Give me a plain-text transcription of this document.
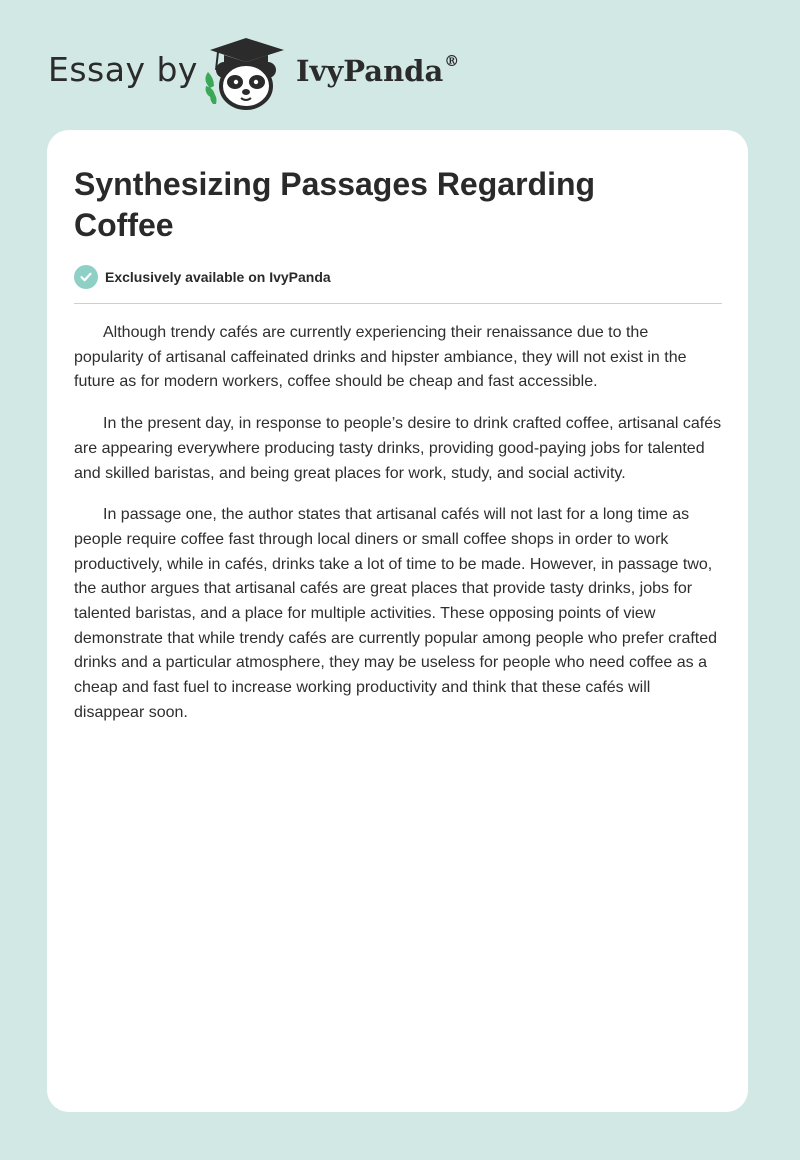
Essay by	IvyPanda®
Synthesizing Passages Regarding Coffee
Exclusively available on IvyPanda

Although trendy cafés are currently experiencing their renaissance due to the popularity of artisanal caffeinated drinks and hipster ambiance, they will not exist in the future as for modern workers, coffee should be cheap and fast accessible.

In the present day, in response to people’s desire to drink crafted coffee, artisanal cafés are appearing everywhere producing tasty drinks, providing good-paying jobs for talented and skilled baristas, and being great places for work, study, and social activity.

In passage one, the author states that artisanal cafés will not last for a long time as people require coffee fast through local diners or small coffee shops in order to work productively, while in cafés, drinks take a lot of time to be made. However, in passage two, the author argues that artisanal cafés are great places that provide tasty drinks, jobs for talented baristas, and a place for multiple activities. These opposing points of view demonstrate that while trendy cafés are currently popular among people who prefer crafted drinks and a particular atmosphere, they may be useless for people who need coffee as a cheap and fast fuel to increase working productivity and think that these cafés will disappear soon.
